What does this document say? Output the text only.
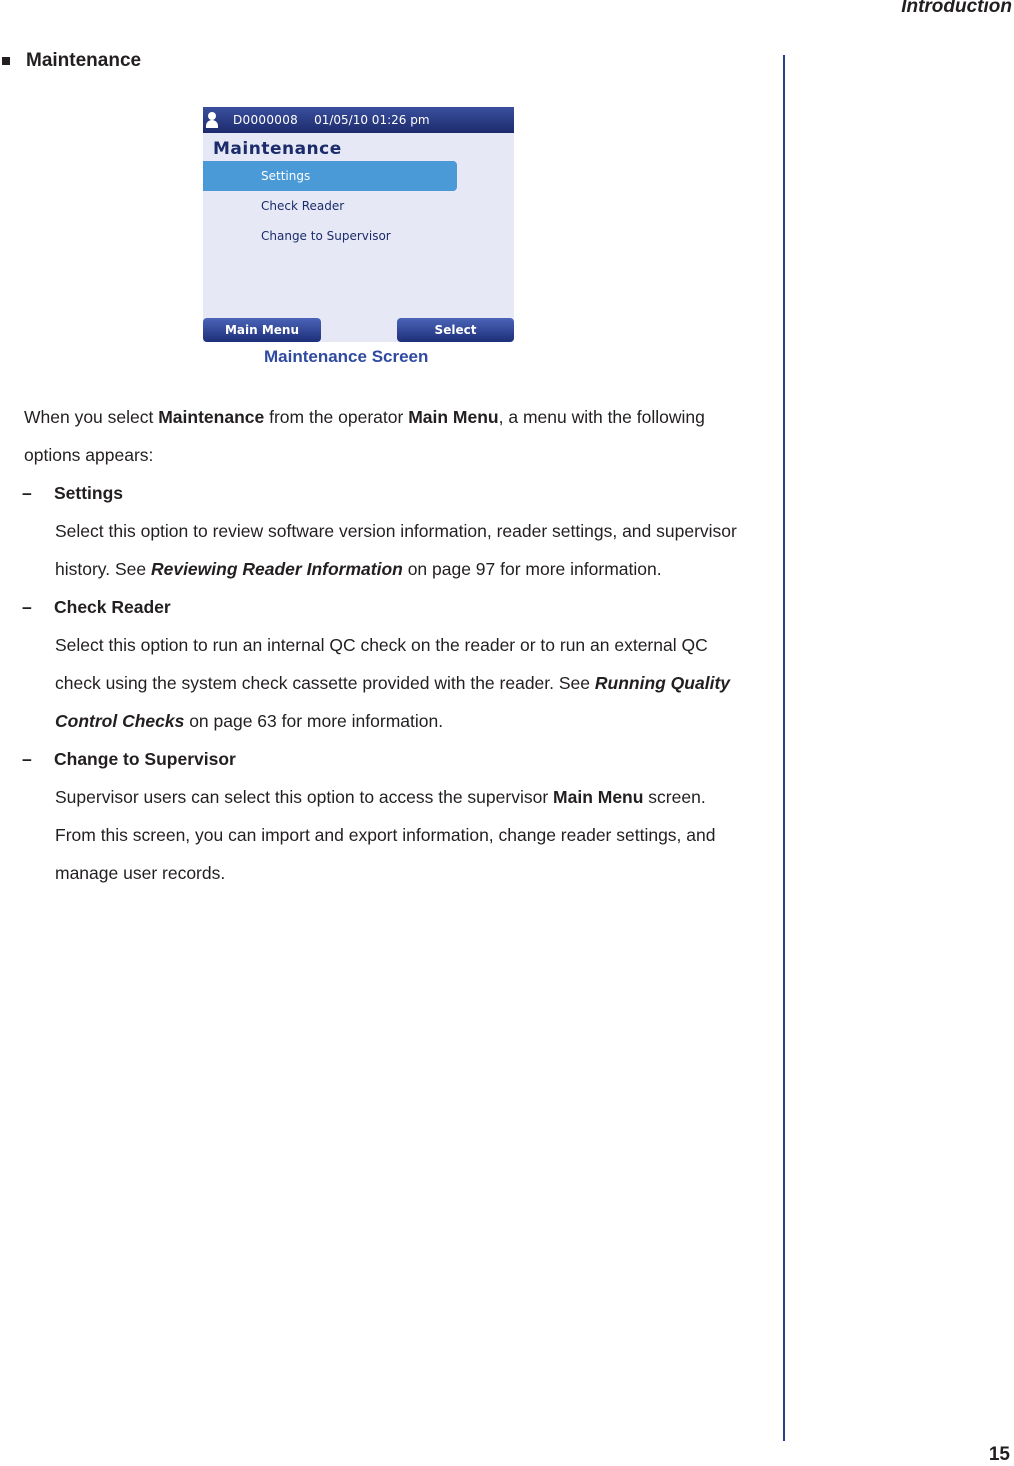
Introduction
Maintenance
D0000008 01/05/10 01:26 pm
Maintenance
Settings
Check Reader
Change to Supervisor
Main Menu	Select
Maintenance Screen

When you select Maintenance from the operator Main Menu, a menu with the following options appears:

–	Settings

Select this option to review software version information, reader settings, and supervisor history. See Reviewing Reader Information on page 97 for more information.

–	Check Reader

Select this option to run an internal QC check on the reader or to run an external QC check using the system check cassette provided with the reader. See Running Quality Control Checks on page 63 for more information.

–	Change to Supervisor

Supervisor users can select this option to access the supervisor Main Menu screen. From this screen, you can import and export information, change reader settings, and manage user records.

15
